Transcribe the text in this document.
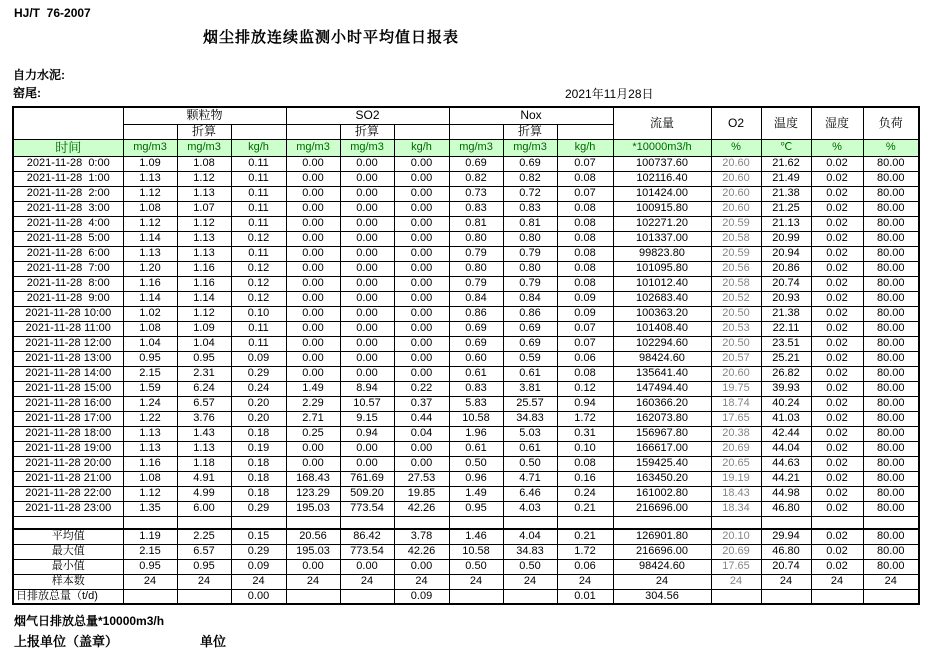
HJ/T  76-2007
烟尘排放连续监测小时平均值日报表
自力水泥:
窑尾:	2021年11月28日
	颗粒物			SO2			Nox			流量	O2	温度	湿度	负荷
		折算			折算			折算						
时间	mg/m3	mg/m3	kg/h	mg/m3	mg/m3	kg/h	mg/m3	mg/m3	kg/h	*10000m3/h	%	℃	%	%
2021-11-28  0:00	1.09	1.08	0.11	0.00	0.00	0.00	0.69	0.69	0.07	100737.60	20.60	21.62	0.02	80.00
2021-11-28  1:00	1.13	1.12	0.11	0.00	0.00	0.00	0.82	0.82	0.08	102116.40	20.60	21.49	0.02	80.00
2021-11-28  2:00	1.12	1.13	0.11	0.00	0.00	0.00	0.73	0.72	0.07	101424.00	20.60	21.38	0.02	80.00
2021-11-28  3:00	1.08	1.07	0.11	0.00	0.00	0.00	0.83	0.83	0.08	100915.80	20.60	21.25	0.02	80.00
2021-11-28  4:00	1.12	1.12	0.11	0.00	0.00	0.00	0.81	0.81	0.08	102271.20	20.59	21.13	0.02	80.00
2021-11-28  5:00	1.14	1.13	0.12	0.00	0.00	0.00	0.80	0.80	0.08	101337.00	20.58	20.99	0.02	80.00
2021-11-28  6:00	1.13	1.13	0.11	0.00	0.00	0.00	0.79	0.79	0.08	99823.80	20.59	20.94	0.02	80.00
2021-11-28  7:00	1.20	1.16	0.12	0.00	0.00	0.00	0.80	0.80	0.08	101095.80	20.56	20.86	0.02	80.00
2021-11-28  8:00	1.16	1.16	0.12	0.00	0.00	0.00	0.79	0.79	0.08	101012.40	20.58	20.74	0.02	80.00
2021-11-28  9:00	1.14	1.14	0.12	0.00	0.00	0.00	0.84	0.84	0.09	102683.40	20.52	20.93	0.02	80.00
2021-11-28 10:00	1.02	1.12	0.10	0.00	0.00	0.00	0.86	0.86	0.09	100363.20	20.50	21.38	0.02	80.00
2021-11-28 11:00	1.08	1.09	0.11	0.00	0.00	0.00	0.69	0.69	0.07	101408.40	20.53	22.11	0.02	80.00
2021-11-28 12:00	1.04	1.04	0.11	0.00	0.00	0.00	0.69	0.69	0.07	102294.60	20.50	23.51	0.02	80.00
2021-11-28 13:00	0.95	0.95	0.09	0.00	0.00	0.00	0.60	0.59	0.06	98424.60	20.57	25.21	0.02	80.00
2021-11-28 14:00	2.15	2.31	0.29	0.00	0.00	0.00	0.61	0.61	0.08	135641.40	20.60	26.82	0.02	80.00
2021-11-28 15:00	1.59	6.24	0.24	1.49	8.94	0.22	0.83	3.81	0.12	147494.40	19.75	39.93	0.02	80.00
2021-11-28 16:00	1.24	6.57	0.20	2.29	10.57	0.37	5.83	25.57	0.94	160366.20	18.74	40.24	0.02	80.00
2021-11-28 17:00	1.22	3.76	0.20	2.71	9.15	0.44	10.58	34.83	1.72	162073.80	17.65	41.03	0.02	80.00
2021-11-28 18:00	1.13	1.43	0.18	0.25	0.94	0.04	1.96	5.03	0.31	156967.80	20.38	42.44	0.02	80.00
2021-11-28 19:00	1.13	1.13	0.19	0.00	0.00	0.00	0.61	0.61	0.10	166617.00	20.69	44.04	0.02	80.00
2021-11-28 20:00	1.16	1.18	0.18	0.00	0.00	0.00	0.50	0.50	0.08	159425.40	20.65	44.63	0.02	80.00
2021-11-28 21:00	1.08	4.91	0.18	168.43	761.69	27.53	0.96	4.71	0.16	163450.20	19.19	44.21	0.02	80.00
2021-11-28 22:00	1.12	4.99	0.18	123.29	509.20	19.85	1.49	6.46	0.24	161002.80	18.43	44.98	0.02	80.00
2021-11-28 23:00	1.35	6.00	0.29	195.03	773.54	42.26	0.95	4.03	0.21	216696.00	18.34	46.80	0.02	80.00

平均值	1.19	2.25	0.15	20.56	86.42	3.78	1.46	4.04	0.21	126901.80	20.10	29.94	0.02	80.00
最大值	2.15	6.57	0.29	195.03	773.54	42.26	10.58	34.83	1.72	216696.00	20.69	46.80	0.02	80.00
最小值	0.95	0.95	0.09	0.00	0.00	0.00	0.50	0.50	0.06	98424.60	17.65	20.74	0.02	80.00
样本数	24	24	24	24	24	24	24	24	24	24	24	24	24	24
日排放总量（t/d)			0.00			0.09			0.01	304.56				
烟气日排放总量*10000m3/h
上报单位（盖章）	单位
